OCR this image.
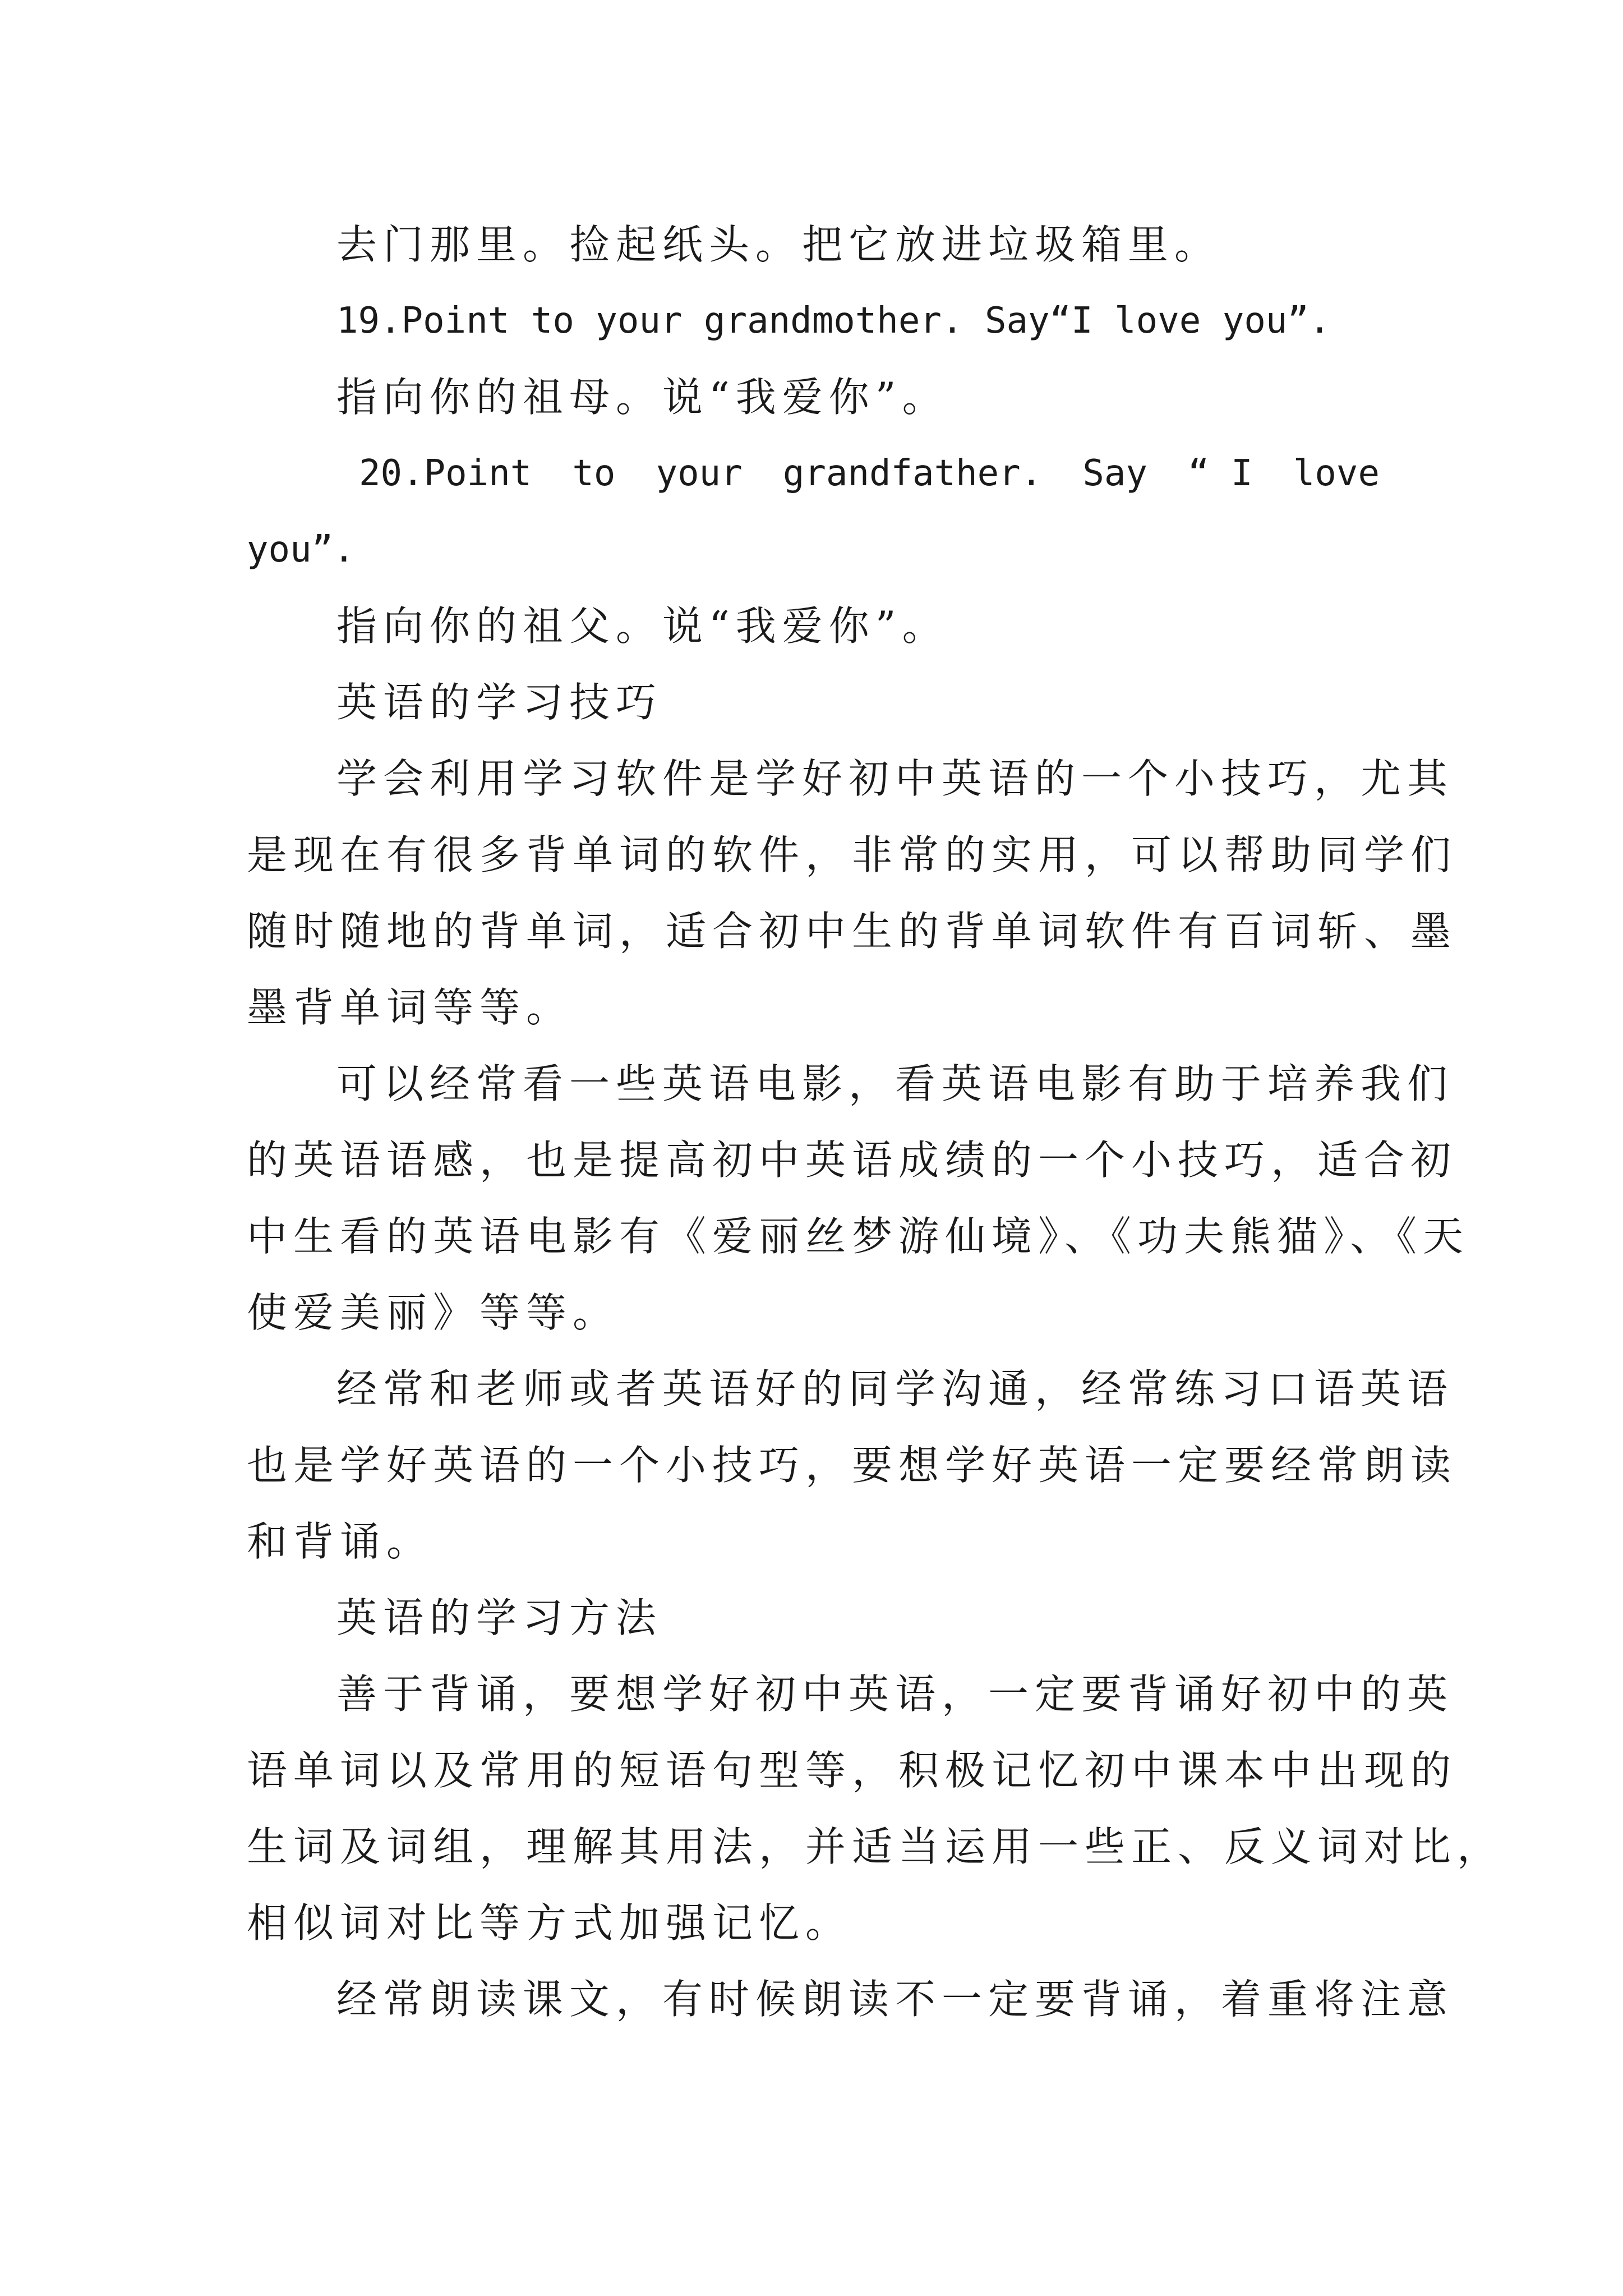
去门那里。捡起纸头。把它放进垃圾箱里。
19.Point to your grandmother. Say“I love you”.
指向你的祖母。说“我爱你”。
20.Point to your grandfather. Say “ I love
you”.
指向你的祖父。说“我爱你”。
英语的学习技巧
学会利用学习软件是学好初中英语的一个小技巧，尤其
是现在有很多背单词的软件，非常的实用，可以帮助同学们
随时随地的背单词，适合初中生的背单词软件有百词斩、墨
墨背单词等等。
可以经常看一些英语电影，看英语电影有助于培养我们
的英语语感，也是提高初中英语成绩的一个小技巧，适合初
中生看的英语电影有《爱丽丝梦游仙境》、《功夫熊猫》、《天
使爱美丽》等等。
经常和老师或者英语好的同学沟通，经常练习口语英语
也是学好英语的一个小技巧，要想学好英语一定要经常朗读
和背诵。
英语的学习方法
善于背诵，要想学好初中英语，一定要背诵好初中的英
语单词以及常用的短语句型等，积极记忆初中课本中出现的
生词及词组，理解其用法，并适当运用一些正、反义词对比，
相似词对比等方式加强记忆。
经常朗读课文，有时候朗读不一定要背诵，着重将注意
